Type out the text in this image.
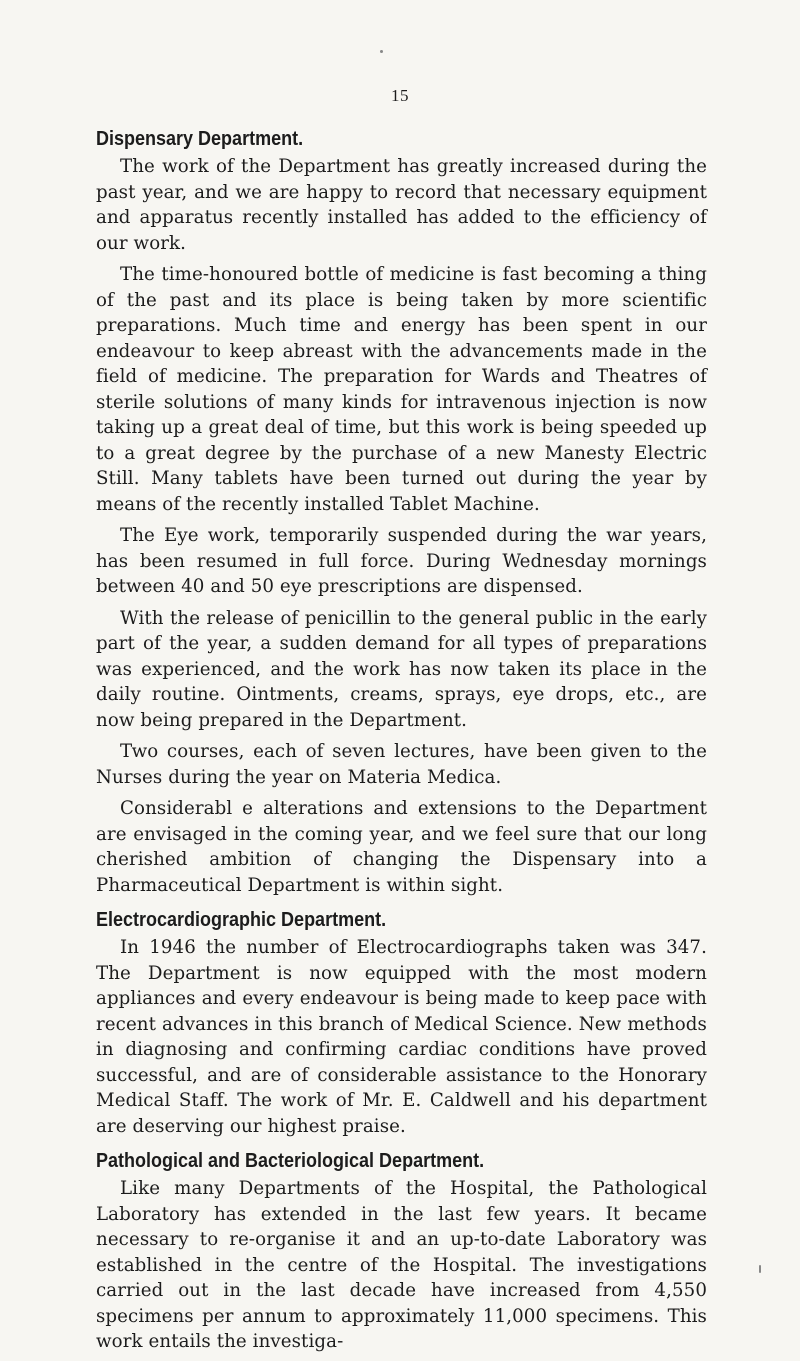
15
Dispensary Department.

The work of the Department has greatly increased during the past year, and we are happy to record that necessary equipment and apparatus recently installed has added to the efficiency of our work.

The time-honoured bottle of medicine is fast becoming a thing of the past and its place is being taken by more scientific preparations. Much time and energy has been spent in our endeavour to keep abreast with the advancements made in the field of medicine. The preparation for Wards and Theatres of sterile solutions of many kinds for intravenous injection is now taking up a great deal of time, but this work is being speeded up to a great degree by the purchase of a new Manesty Electric Still. Many tablets have been turned out during the year by means of the recently installed Tablet Machine.

The Eye work, temporarily suspended during the war years, has been resumed in full force. During Wednesday mornings between 40 and 50 eye prescriptions are dispensed.

With the release of penicillin to the general public in the early part of the year, a sudden demand for all types of preparations was experienced, and the work has now taken its place in the daily routine. Ointments, creams, sprays, eye drops, etc., are now being prepared in the Department.

Two courses, each of seven lectures, have been given to the Nurses during the year on Materia Medica.

Considerabl e alterations and extensions to the Department are envisaged in the coming year, and we feel sure that our long cherished ambition of changing the Dispensary into a Pharmaceutical Department is within sight.

Electrocardiographic Department.

In 1946 the number of Electrocardiographs taken was 347. The Department is now equipped with the most modern appliances and every endeavour is being made to keep pace with recent advances in this branch of Medical Science. New methods in diagnosing and confirming cardiac conditions have proved successful, and are of considerable assistance to the Honorary Medical Staff. The work of Mr. E. Caldwell and his department are deserving our highest praise.

Pathological and Bacteriological Department.

Like many Departments of the Hospital, the Pathological Laboratory has extended in the last few years. It became necessary to re-organise it and an up-to-date Laboratory was established in the centre of the Hospital. The investigations carried out in the last decade have increased from 4,550 specimens per annum to approximately 11,000 specimens. This work entails the investiga-
